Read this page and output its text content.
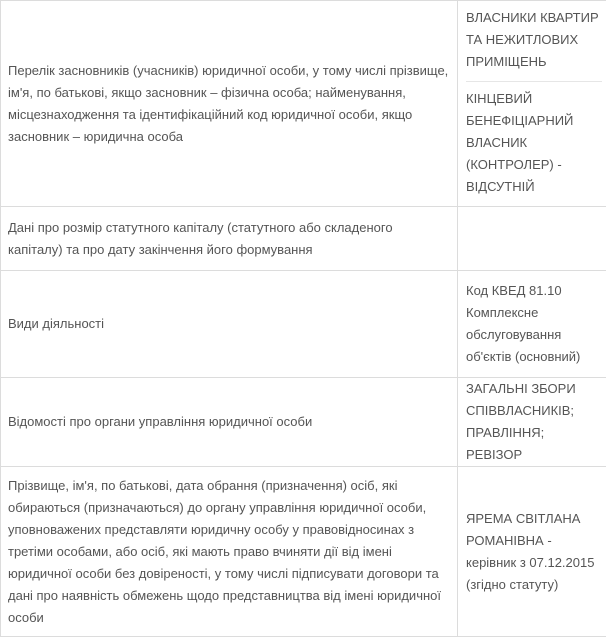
Перелік засновників (учасників) юридичної особи, у тому числі прізвище, ім'я, по батькові, якщо засновник – фізична особа; найменування, місцезнаходження та ідентифікаційний код юридичної особи, якщо засновник – юридична особа	ВЛАСНИКИ КВАРТИР ТА НЕЖИТЛОВИХ ПРИМІЩЕНЬ
КІНЦЕВИЙ БЕНЕФІЦІАРНИЙ ВЛАСНИК (КОНТРОЛЕР) - ВІДСУТНІЙ

Дані про розмір статутного капіталу (статутного або складеного капіталу) та про дату закінчення його формування	
Види діяльності	Код КВЕД 81.10 Комплексне обслуговування об'єктів (основний)
Відомості про органи управління юридичної особи	ЗАГАЛЬНІ ЗБОРИ СПІВВЛАСНИКІВ; ПРАВЛІННЯ; РЕВІЗОР
Прізвище, ім'я, по батькові, дата обрання (призначення) осіб, які обираються (призначаються) до органу управління юридичної особи, уповноважених представляти юридичну особу у правовідносинах з третіми особами, або осіб, які мають право вчиняти дії від імені юридичної особи без довіреності, у тому числі підписувати договори та дані про наявність обмежень щодо представництва від імені юридичної особи	ЯРЕМА СВІТЛАНА РОМАНІВНА - керівник з 07.12.2015 (згідно статуту)
